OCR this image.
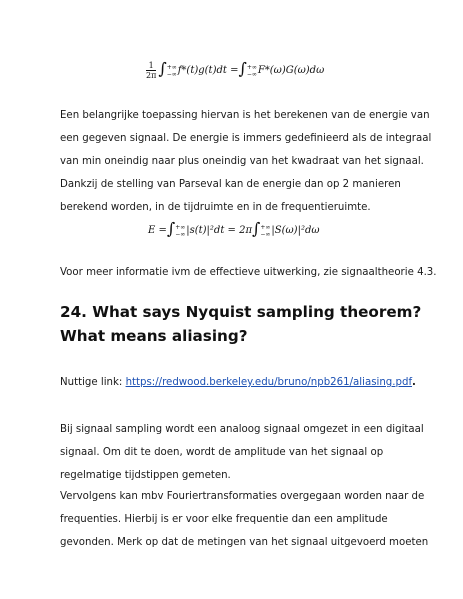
$\frac{1}{2\pi}$ ∫ +∞
−∞ f*(t)g(t)dt =∫ +∞
−∞ F*(ω)G(ω)dω
Een belangrijke toepassing hiervan is het berekenen van de energie van
een gegeven signaal. De energie is immers gedefinieerd als de integraal
van min oneindig naar plus oneindig van het kwadraat van het signaal.
Dankzij de stelling van Parseval kan de energie dan op 2 manieren
berekend worden, in de tijdruimte en in de frequentieruimte.
E =∫ +∞
−∞ |s(t)|²dt = 2π∫ +∞
−∞ |S(ω)|²dω
Voor meer informatie ivm de effectieve uitwerking, zie signaaltheorie 4.3.
24. What says Nyquist sampling theorem?
What means aliasing?
Nuttige link: https://redwood.berkeley.edu/bruno/npb261/aliasing.pdf.
Bij signaal sampling wordt een analoog signaal omgezet in een digitaal
signaal. Om dit te doen, wordt de amplitude van het signaal op
regelmatige tijdstippen gemeten.
Vervolgens kan mbv Fouriertransformaties overgegaan worden naar de
frequenties. Hierbij is er voor elke frequentie dan een amplitude
gevonden. Merk op dat de metingen van het signaal uitgevoerd moeten
